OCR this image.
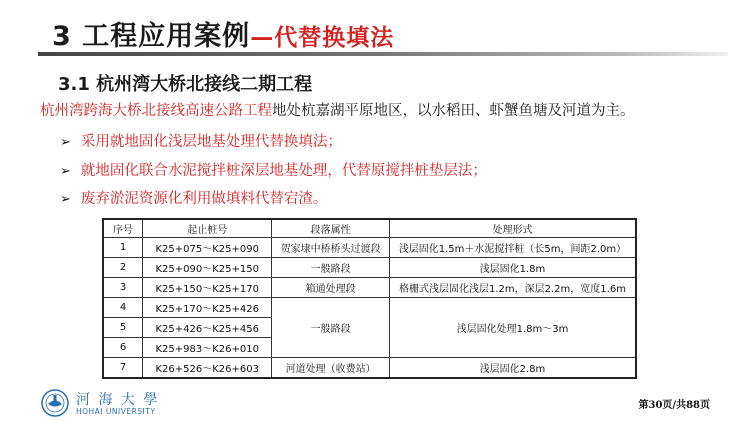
3 工程应用案例—代替换填法
3.1 杭州湾大桥北接线二期工程
杭州湾跨海大桥北接线高速公路工程地处杭嘉湖平原地区，以水稻田、虾蟹鱼塘及河道为主。
➢ 采用就地固化浅层地基处理代替换填法；
➢ 就地固化联合水泥搅拌桩深层地基处理，代替原搅拌桩垫层法；
➢ 废弃淤泥资源化利用做填料代替宕渣。
序号	起止桩号	段落属性	处理形式
1	K25+075～K25+090	贺家埭中桥桥头过渡段	浅层固化1.5m＋水泥搅拌桩（长5m，间距2.0m）
2	K25+090～K25+150	一般路段	浅层固化1.8m
3	K25+150～K25+170	箱通处理段	格栅式浅层固化浅层1.2m，深层2.2m，宽度1.6m
4	K25+170～K25+426	一般路段	浅层固化处理1.8m～3m
5	K25+426～K25+456		
6	K25+983～K26+010		
7	K26+526～K26+603	河道处理（收费站）	浅层固化2.8m
河 海 大 學
HOHAI UNIVERSITY
第30页/共88页
